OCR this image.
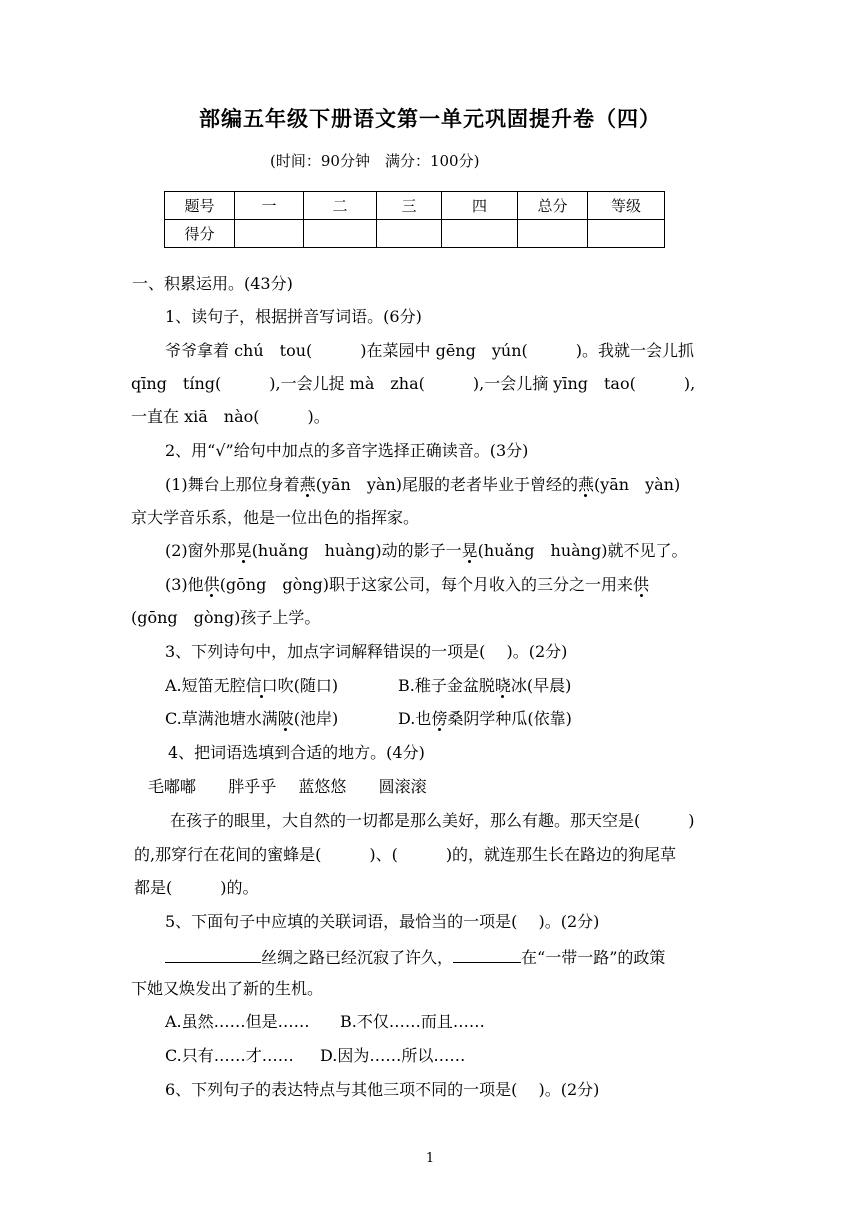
部编五年级下册语文第一单元巩固提升卷（四）
(时间：90分钟　满分：100分)
题号	一	二	三	四	总分	等级
得分						
一、积累运用。(43分)
1、读句子，根据拼音写词语。(6分)
爷爷拿着 chú　tou(　　　)在菜园中 gēng　yún(　　　)。我就一会儿抓
qīng　tíng(　　　),一会儿捉 mà　zha(　　　),一会儿摘 yīng　tao(　　　),
一直在 xiā　nào(　　　)。
2、用“√”给句中加点的多音字选择正确读音。(3分)
(1)舞台上那位身着燕(yān　yàn)尾服的老者毕业于曾经的燕(yān　yàn)
京大学音乐系，他是一位出色的指挥家。
(2)窗外那晃(huǎng　huàng)动的影子一晃(huǎng　huàng)就不见了。
(3)他供(gōng　gòng)职于这家公司，每个月收入的三分之一用来供
(gōng　gòng)孩子上学。
3、下列诗句中，加点字词解释错误的一项是(　 )。(2分)
A.短笛无腔信口吹(随口)	B.稚子金盆脱晓冰(早晨)
C.草满池塘水满陂(池岸)	D.也傍桑阴学种瓜(依靠)
4、把词语选填到合适的地方。(4分)
毛嘟嘟 胖乎乎 蓝悠悠 圆滚滚
在孩子的眼里，大自然的一切都是那么美好，那么有趣。那天空是(　　　)
的,那穿行在花间的蜜蜂是(　　　)、(　　　)的，就连那生长在路边的狗尾草
都是(　　　)的。
5、下面句子中应填的关联词语，最恰当的一项是(　 )。(2分)
丝绸之路已经沉寂了许久，	在“一带一路”的政策
下她又焕发出了新的生机。
A.虽然……但是…… B.不仅……而且……
C.只有……才…… D.因为……所以……
6、下列句子的表达特点与其他三项不同的一项是(　 )。(2分)
1
